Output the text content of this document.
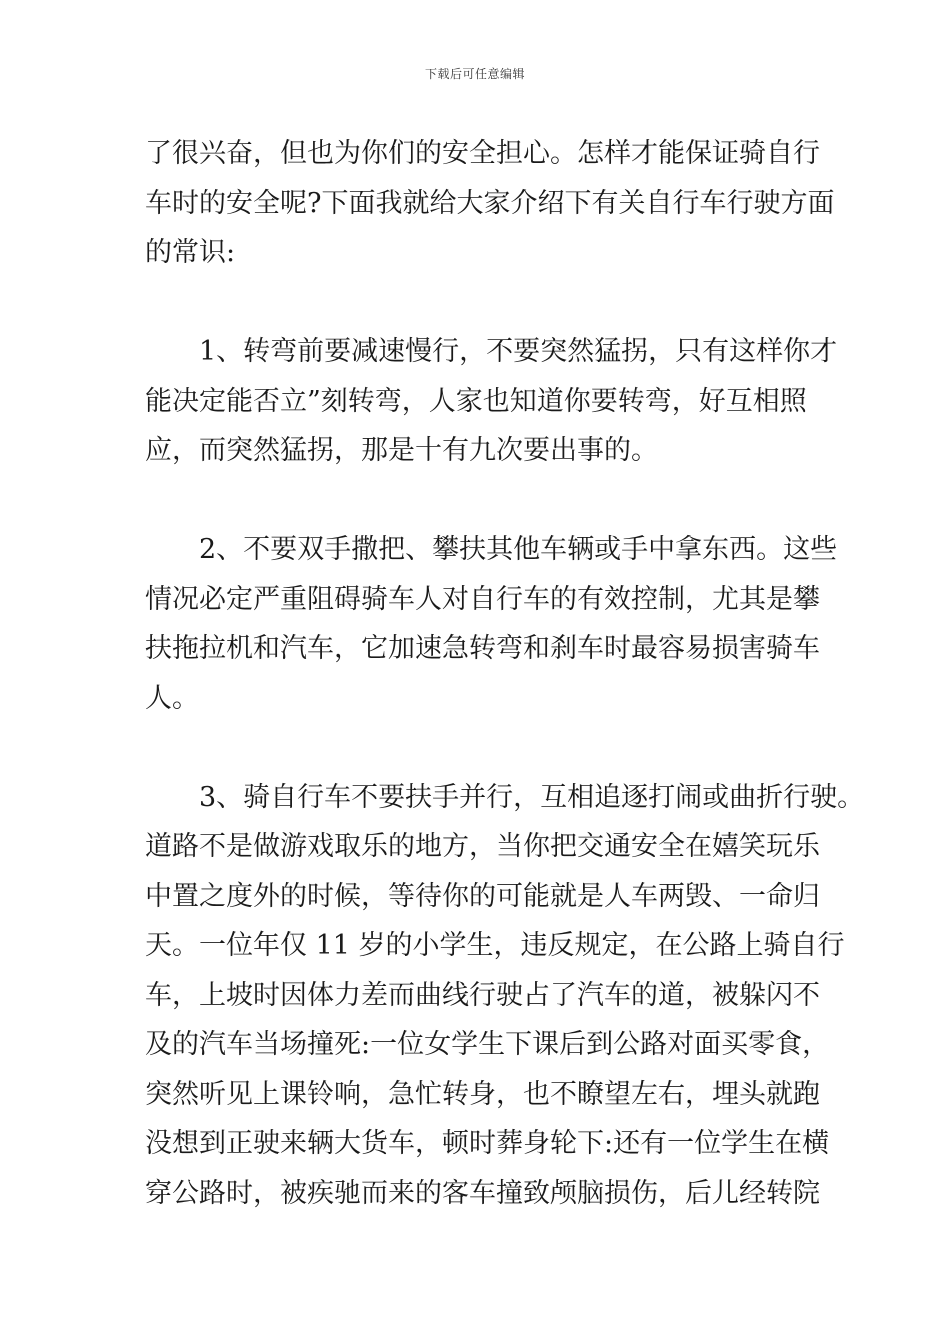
下载后可任意编辑
了很兴奋，但也为你们的安全担心。怎样才能保证骑自行
车时的安全呢?下面我就给大家介绍下有关自行车行驶方面
的常识:
　　1、转弯前要减速慢行，不要突然猛拐，只有这样你才
能决定能否立”刻转弯，人家也知道你要转弯，好互相照
应，而突然猛拐，那是十有九次要出事的。
　　2、不要双手撒把、攀扶其他车辆或手中拿东西。这些
情况必定严重阻碍骑车人对自行车的有效控制，尤其是攀
扶拖拉机和汽车，它加速急转弯和刹车时最容易损害骑车
人。
　　3、骑自行车不要扶手并行，互相追逐打闹或曲折行驶。
道路不是做游戏取乐的地方，当你把交通安全在嬉笑玩乐
中置之度外的时候，等待你的可能就是人车两毁、一命归
天。一位年仅 11 岁的小学生，违反规定，在公路上骑自行
车，上坡时因体力差而曲线行驶占了汽车的道，被躲闪不
及的汽车当场撞死:一位女学生下课后到公路对面买零食，
突然听见上课铃响，急忙转身，也不瞭望左右，埋头就跑
没想到正驶来辆大货车，顿时葬身轮下:还有一位学生在横
穿公路时，被疾驰而来的客车撞致颅脑损伤，后儿经转院
